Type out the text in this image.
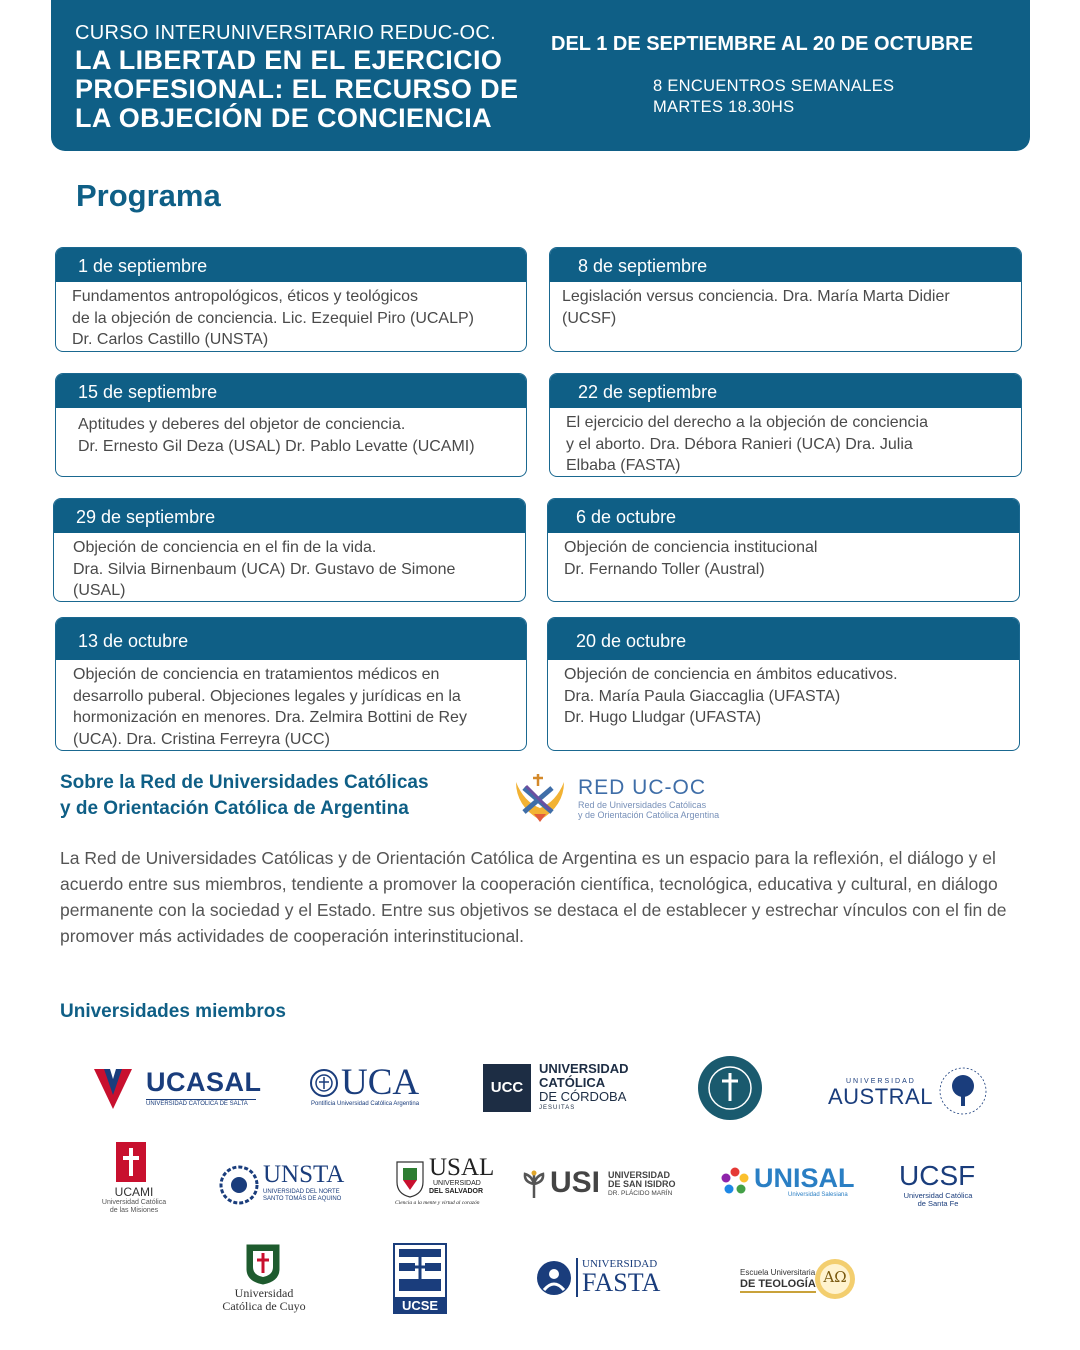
CURSO INTERUNIVERSITARIO REDUC-OC.
LA LIBERTAD EN EL EJERCICIO
PROFESIONAL: EL RECURSO DE
LA OBJECIÓN DE CONCIENCIA
DEL 1 DE SEPTIEMBRE AL 20 DE OCTUBRE
8 ENCUENTROS SEMANALES
MARTES 18.30HS
Programa
1 de septiembre
Fundamentos antropológicos, éticos y teológicos
de la objeción de conciencia. Lic. Ezequiel Piro (UCALP)
Dr. Carlos Castillo (UNSTA)
8 de septiembre
Legislación versus conciencia. Dra. María Marta Didier
(UCSF)
15 de septiembre
Aptitudes y deberes del objetor de conciencia.
Dr. Ernesto Gil Deza (USAL) Dr. Pablo Levatte (UCAMI)
22 de septiembre
El ejercicio del derecho a la objeción de conciencia
y el aborto. Dra. Débora Ranieri (UCA) Dra. Julia
Elbaba (FASTA)
29 de septiembre
Objeción de conciencia en el fin de la vida.
Dra. Silvia Birnenbaum (UCA) Dr. Gustavo de Simone
(USAL)
6 de octubre
Objeción de conciencia institucional
Dr. Fernando Toller (Austral)
13 de octubre
Objeción de conciencia en tratamientos médicos en
desarrollo puberal. Objeciones legales y jurídicas en la
hormonización en menores. Dra. Zelmira Bottini de Rey
(UCA). Dra. Cristina Ferreyra (UCC)
20 de octubre
Objeción de conciencia en ámbitos educativos.
Dra. María Paula Giaccaglia (UFASTA)
Dr. Hugo Lludgar (UFASTA)
Sobre la Red de Universidades Católicas
y de Orientación Católica de Argentina
RED UC-OC
Red de Universidades Católicas
y de Orientación Católica Argentina
La Red de Universidades Católicas y de Orientación Católica de Argentina es un espacio para la reflexión, el diálogo y el acuerdo entre sus miembros, tendiente a promover la cooperación científica, tecnológica, educativa y cultural, en diálogo permanente con la sociedad y el Estado. Entre sus objetivos se destaca el de establecer y estrechar vínculos con el fin de promover más actividades de cooperación interinstitucional.
Universidades miembros
UCASAL
UNIVERSIDAD CATÓLICA DE SALTA
UCA
Pontificia Universidad Católica Argentina
UCC
UNIVERSIDAD
CATÓLICA
DE CÓRDOBA
JESUITAS
UNIVERSIDAD
AUSTRAL
UCAMI
Universidad Católica
de las Misiones
UNSTA
UNIVERSIDAD DEL NORTE
SANTO TOMÁS DE AQUINO
USAL
UNIVERSIDAD
DEL SALVADOR
Ciencia a la mente y virtud al corazón
USI UNIVERSIDAD
DE SAN ISIDRO
DR. PLÁCIDO MARÍN
UNISAL
Universidad Salesiana
UCSF
Universidad Católica
de Santa Fe
Universidad
Católica de Cuyo	UCSE
UNIVERSIDAD
FASTA	Escuela Universitaria
DE TEOLOGÍA AΩ
